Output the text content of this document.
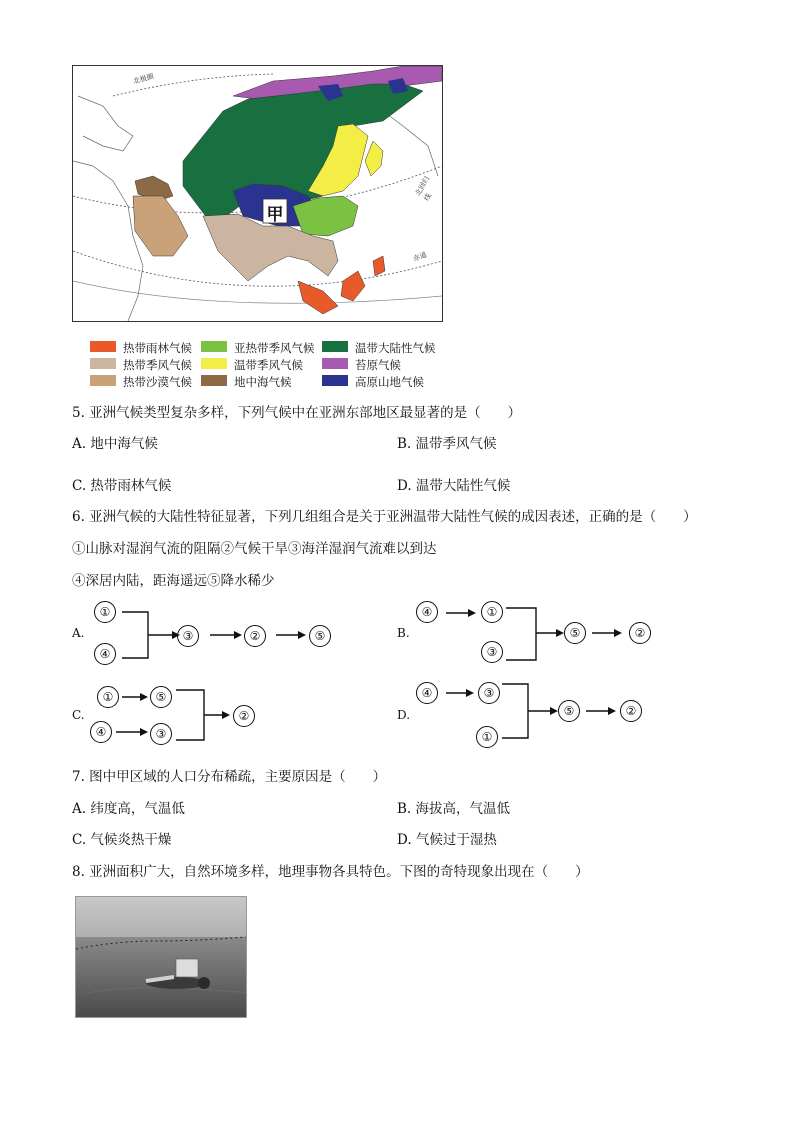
甲
北极圈
北回归线
赤道
热带雨林气候	亚热带季风气候	温带大陆性气候
热带季风气候	温带季风气候	苔原气候
热带沙漠气候	地中海气候	高原山地气候
5. 亚洲气候类型复杂多样，下列气候中在亚洲东部地区最显著的是（　　）
A. 地中海气候	B. 温带季风气候
C. 热带雨林气候	D. 温带大陆性气候
6. 亚洲气候的大陆性特征显著，下列几组组合是关于亚洲温带大陆性气候的成因表述，正确的是（　　）
①山脉对湿润气流的阻隔②气候干旱③海洋湿润气流难以到达
④深居内陆，距海遥远⑤降水稀少
A.
①
④
③	②	⑤	B.
④	①
③
⑤	②
C.
①	⑤
④	③
②	D.
④	③
①
⑤	②
7. 图中甲区域的人口分布稀疏，主要原因是（　　）
A. 纬度高，气温低	B. 海拔高，气温低
C. 气候炎热干燥	D. 气候过于湿热
8. 亚洲面积广大，自然环境多样，地理事物各具特色。下图的奇特现象出现在（　　）
